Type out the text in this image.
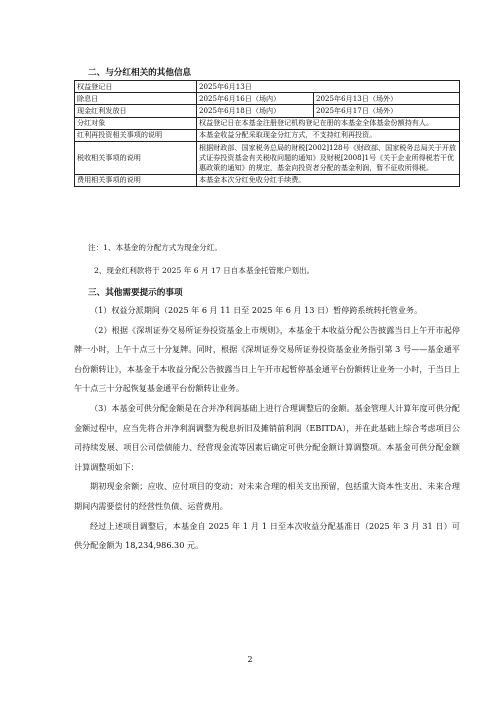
二、与分红相关的其他信息
权益登记日	2025年6月13日	
除息日	2025年6月16日（场内）	2025年6月13日（场外）
现金红利发放日	2025年6月18日（场内）	2025年6月17日（场外）
分红对象	权益登记日在本基金注册登记机构登记在册的本基金全体基金份额持有人。	
红利再投资相关事项的说明	本基金收益分配采取现金分红方式，不支持红利再投资。	
税收相关事项的说明	根据财政部、国家税务总局的财税[2002]128号《财政部、国家税务总局关于开放式证券投资基金有关税收问题的通知》及财税[2008]1号《关于企业所得税若干优惠政策的通知》的规定，基金向投资者分配的基金利润，暂不征收所得税。	
费用相关事项的说明	本基金本次分红免收分红手续费。	
注：1、本基金的分配方式为现金分红。
2、现金红利款将于 2025 年 6 月 17 日自本基金托管账户划出。
三、其他需要提示的事项

（1）权益分派期间（2025 年 6 月 11 日至 2025 年 6 月 13 日）暂停跨系统转托管业务。

（2）根据《深圳证券交易所证券投资基金上市规则》，本基金于本收益分配公告披露当日上午开市起停牌一小时，上午十点三十分复牌。同时，根据《深圳证券交易所证券投资基金业务指引第 3 号——基金通平台份额转让》，本基金于本收益分配公告披露当日上午开市起暂停基金通平台份额转让业务一小时，于当日上午十点三十分起恢复基金通平台份额转让业务。

（3）本基金可供分配金额是在合并净利润基础上进行合理调整后的金额。基金管理人计算年度可供分配金额过程中，应当先将合并净利润调整为税息折旧及摊销前利润（EBITDA），并在此基础上综合考虑项目公司持续发展、项目公司偿债能力、经营现金流等因素后确定可供分配金额计算调整项。本基金可供分配金额计算调整项如下：

期初现金余额；应收、应付项目的变动；对未来合理的相关支出预留，包括重大资本性支出、未来合理期间内需要偿付的经营性负债、运营费用。

经过上述项目调整后，本基金自 2025 年 1 月 1 日至本次收益分配基准日（2025 年 3 月 31 日）可供分配金额为 18,234,986.30 元。

2
